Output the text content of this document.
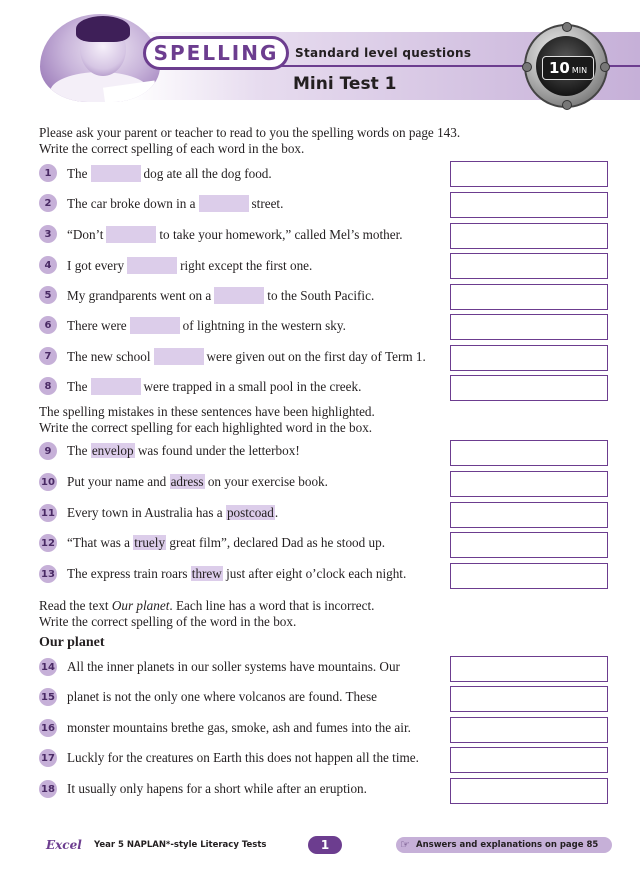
SPELLING Standard level questions
Mini Test 1
10 MIN
Please ask your parent or teacher to read to you the spelling words on page 143.
Write the correct spelling of each word in the box.
1	The	dog ate all the dog food.
2	The car broke down in a	street.
3	“Don’t	to take your homework,” called Mel’s mother.
4	I got every	right except the first one.
5	My grandparents went on a	to the South Pacific.
6	There were	of lightning in the western sky.
7	The new school	were given out on the first day of Term 1.
8	The	were trapped in a small pool in the creek.
The spelling mistakes in these sentences have been highlighted.
Write the correct spelling for each highlighted word in the box.
9	The envelop was found under the letterbox!
10 Put your name and adress on your exercise book.
11 Every town in Australia has a postcoad.
12 “That was a truely great film”, declared Dad as he stood up.
13 The express train roars threw just after eight o’clock each night.
Read the text Our planet. Each line has a word that is incorrect.
Write the correct spelling of the word in the box.
Our planet
14 All the inner planets in our soller systems have mountains. Our
15 planet is not the only one where volcanos are found. These
16 monster mountains brethe gas, smoke, ash and fumes into the air.
17 Luckly for the creatures on Earth this does not happen all the time.
18 It usually only hapens for a short while after an eruption.
Excel Year 5 NAPLAN*-style Literacy Tests	1	☞ Answers and explanations on page 85
